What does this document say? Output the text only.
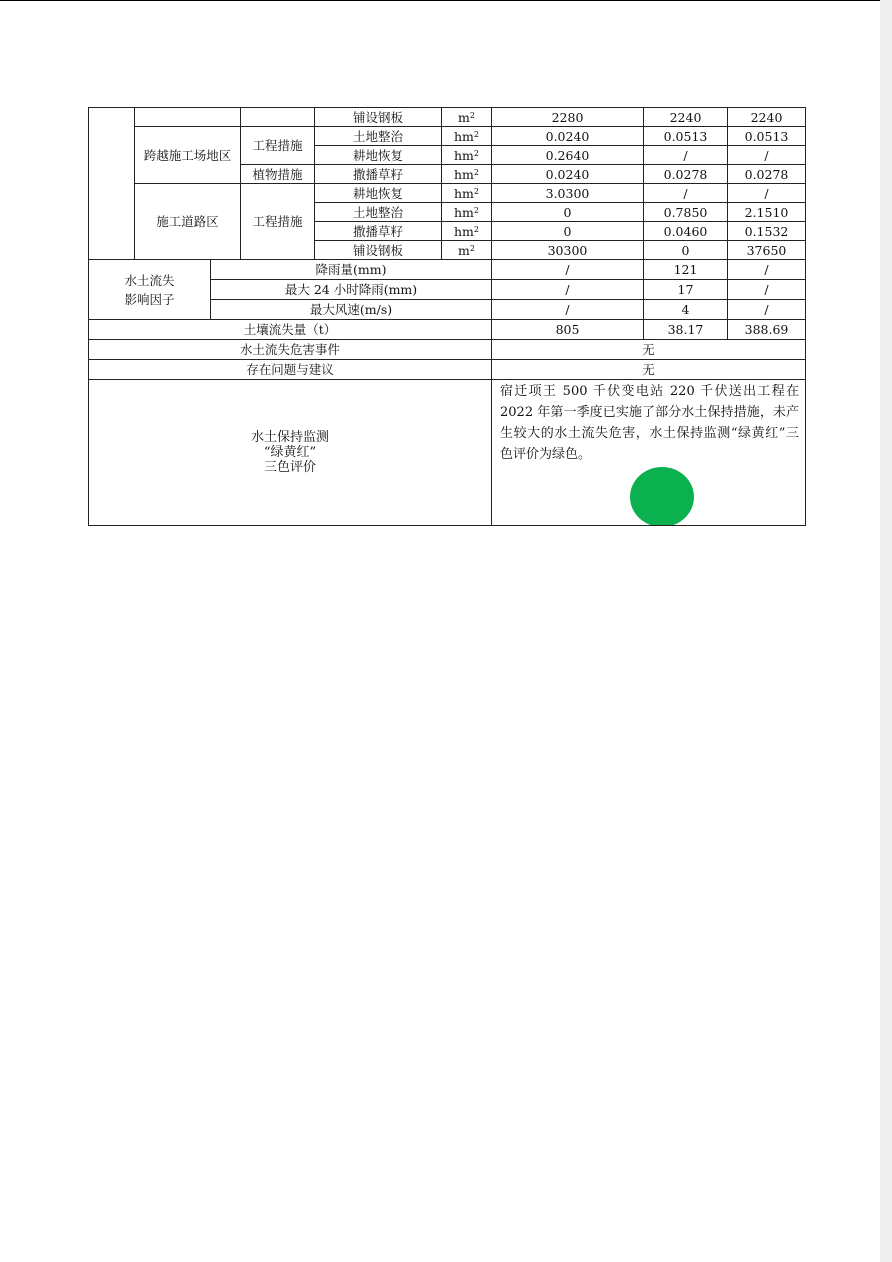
				铺设钢板	$m^2$	2280	2240	2240
	跨越施工场地区		工程措施	土地整治	$hm^2$	0.0240	0.0513	0.0513
				耕地恢复	$hm^2$	0.2640	/	/
			植物措施	撒播草籽	$hm^2$	0.0240	0.0278	0.0278
	施工道路区		工程措施	耕地恢复	$hm^2$	3.0300	/	/
				土地整治	$hm^2$	0	0.7850	2.1510
				撒播草籽	$hm^2$	0	0.0460	0.1532
				铺设钢板	$m^2$	30300	0	37650

水土流失
影响因子		降雨量(mm)				/	121	/
		最大 24 小时降雨(mm)				/	17	/
		最大风速(m/s)				/	4	/
土壤流失量（t）						805	38.17	388.69
水土流失危害事件						无		
存在问题与建议						无		

水土保持监测
“绿黄红”
三色评价						宿迁项王 500 千伏变电站 220 千伏送出工程在 2022 年第一季度已实施了部分水土保持措施，未产生较大的水土流失危害，水土保持监测“绿黄红”三色评价为绿色。		
